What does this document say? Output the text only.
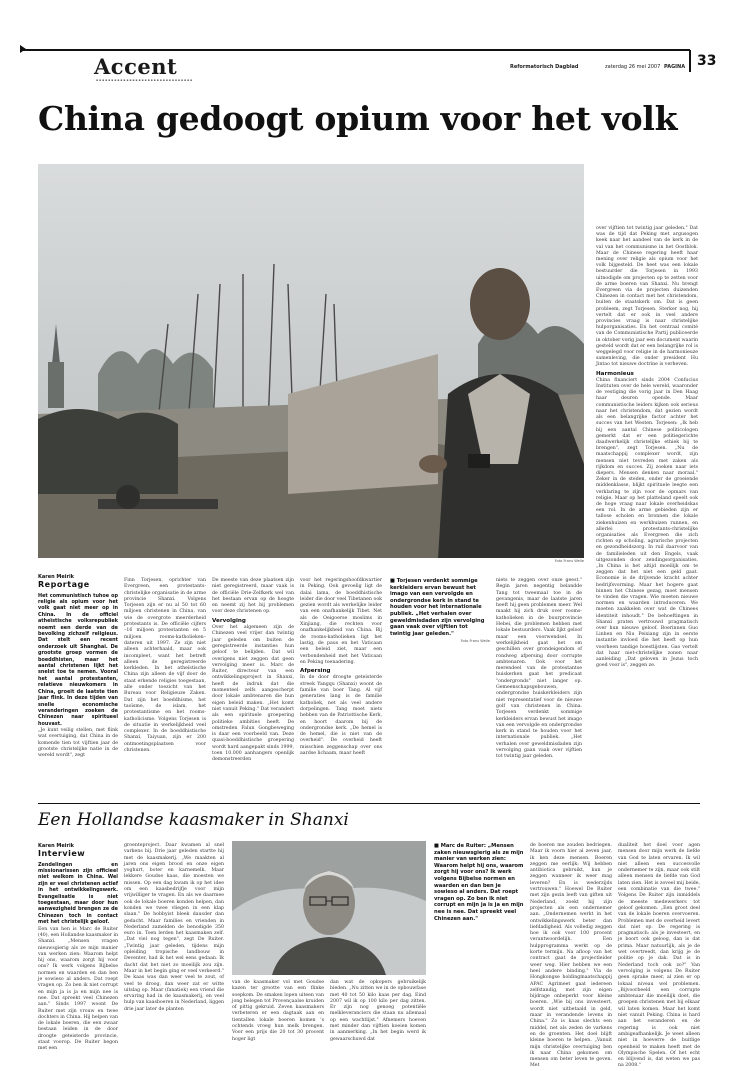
Accent
▪▪▪▪▪▪▪▪▪▪▪▪▪▪▪▪▪▪▪▪▪▪▪▪▪▪▪▪▪▪▪▪
Reformatorisch Dagblad	zaterdag 26 mei 2007 PAGINA 33
China gedoogt opium voor het volk
Foto Frans Welle
Karen Meirik
Reportage

Het communistisch tuhoe op religie als opium voor het volk gaat niet meer op in China. In de officiel atheïstische volksrepubliek noemt een derde van de bevolking zichzelf religieus. Dat stelt een recent onderzoek uit Shanghai. De grootste groep vormen de boeddhisten, maar het aantal christenen lijkt het snelst toe te nemen. Vooral het aantal protestanten, relatieve nieuwkomers in China, groeit de laatste tien jaar flink. In deze tijden van snelle economische veranderingen zoeken de Chinezen naar spiritueel houvast.

„Je kunt veilig stellen, met flink wat overtuiging, dat China in de komende tien tot vijftien jaar de grootste christelijke natie in de wereld wordt", zegt

Finn Torjesen, oprichter van Evergreen, een protestants-christelijke organisatie in de arme provincie Shanxi. Volgens Torjesen zijn er nu al 50 tot 60 miljoen christenen in China, van wie de overgrote meerderheid protestants is. De officiële cijfers –16 miljoen protestanten en 5 miljoen rooms-katholieken– dateren uit 1997. Ze zijn niet alleen achterhaald, maar ook incompleet, want het betreft alleen de geregistreerde kerkleden. In het atheïstische China zijn alleen de vijf door de staat erkende religies toegestaan, alle onder toezicht van het Bureau voor Religieuze Zaken. Dat zijn het boeddhisme, het taoïsme, de islam, het protestantisme en het rooms-katholicisme. Volgens Torjesen is de situatie in werkelijkheid veel complexer. In de boeddhistische Shanxi, Taiyuan, zijn er 200 ontmoetingsplaatsen voor christenen.

De meeste van deze plaatsen zijn niet geregistreerd, maar vaak is de officiële Drie-Zelfkerk wel van het bestaan ervan op de hoogte en neemt zij het bij problemen voor deze christenen op.

Vervolging

Over het algemeen zijn de Chinezen veel vrijer dan twintig jaar geleden om buiten de geregistreerde instanties hun geloof te belijden. Dat wil overigens niet zeggen dat geen vervolging meer is. Marc de Ruiter, directeur van een ontwikkelingsproject in Shanxi, heeft de indruk dat die momenteel zelfs aangescherpt door lokale ambtenaren die hun eigen beleid maken. „Het komt niet vanuit Peking." Dat verandert als een spirituele groepering politieke ambities heeft. De omstreden Falun Gongbeweging is daar een voorbeeld van. Deze quasi-boeddhistische groepering wordt hard aangepakt sinds 1999, toen 10.000 aanhangers openlijk demonstreerden

voor het regeringshoofdkwartier in Peking. Ook gevoelig ligt de dalai lama, de boeddhistische leider die door veel Tibetanen ook gezien wordt als werkelijke leider van een onafhankelijk Tibet. Net als de Oeigoerse moslims in Xinjiang, die rechten voor onafhankelijkheid van China. Bij de rooms-katholieken ligt het lastig, de paus en het Vaticaan een beleid ziet, maar een verbondenheid met het Vaticaan en Peking toenadering.

Afpersing

In de door droogte geteisterde streek Yangqu (Shanxi) woont de familie van boer Tang. Al vijf generaties lang is de familie katholiek, net als veel andere dorpelingen. Tang moet niets hebben van de Patriottische Kerk, en hoort daarom bij de ondergrondse kerk. „De hemel is de hemel, die is niet van de overheid". De overheid heeft misschien zeggenschap over ons aardse lichaam, maar heeft

■ Torjesen verdenkt sommige kerkleiders ervan bewust het imago van een vervolgde en ondergrondse kerk in stand te houden voor het internationale publiek. „Het verhalen over geweldmisdaden zijn vervolging gaan vaak over vijftien tot twintig jaar geleden."

Foto Frans Welle

niets te zeggen over onze geest." Begin jaren negentig belandde Tang tot tweemaal toe in de gevangenis, maar de laatste jaren heeft hij geen problemen meer. Wel maakt hij zich druk over rooms-katholieken in de buurprovincie Hebei, die problemen hebben met lokale bestuurders. Vaak lijkt geloof maar een voorwendsel. In werkelijkheid gaat het om geschillen over grondeigendom of rondweg afpersing door corrupte ambtenaren. Ook voor het merendeel van de protestantse huiskerken gaat het predicaat "ondergronds" niet langer op. Gemeenschapsgebouwen, ondergrondse huiskerkleiders zijn niet representatief voor de nieuwe golf van christenen in China. Torjesen verdenkt sommige kerkleiders ervan bewust het imago van een vervolgde en ondergrondse kerk in stand te houden voor het internationale publiek. „Het verhalen over geweldmisdaden zijn vervolging gaan vaak over vijftien tot twintig jaar geleden.

over vijftien tot twintig jaar geleden." Dat was de tijd dat Peking met argusogen keek naar het aandeel van de kerk in de val van het communisme in het Oostblok. Maar de Chinese regering heeft haar mening over religie als opium voor het volk bijgesteld. De heet was een lokale bestuurder die Torjesen in 1993 uitnodigde om projecten op te zetten voor de arme boeren van Shanxi. Nu brengt Evergreen via de projecten duizenden Chinezen in contact met het christendom, buiten de staatskerk om. Dat is geen probleem, zegt Torjesen. Sterker nog, hij vertelt dat er ook in veel andere provincies vraag is naar christelijke hulporganisaties. En het centraal comité van de Communistische Partij publiceerde in oktober vorig jaar een document waarin gesteld wordt dat er een belangrijke rol is weggelegd voor religie in de harmonieuze samenleving, die onder president Hu Jintao tot nieuwe doctrine is verheven.

Harmonieus

China financiert sinds 2004 Confucius Instituten over de hele wereld, waaronder de vestiging die vorig jaar in Den Haag haar deuren opende. Maar communistische leiders kijken ook serieus naar het christendom, dat gezien wordt als een belangrijke factor achter het succes van het Westen. Torjesen: „Ik heb bij een aantal Chinese politicologen gemerkt dat er een politiegerichte daadwerkelijk christelijke ethiek bij te brengen", zegt Torjesen. „Nu de maatschappij complexer wordt, zijn mensen niet tevreden met zaken als rijkdom en succes. Zij zoeken naar iets diepers. Mensen denken naar moraal." Zeker in de steden, onder de groeiende middenklasse, blijkt spirituele leegte een verklaring te zijn voor de opmars van religie. Maar op het platteland speelt ook de hoge vraag naar lokale overheidskas een rol. In de arme gebieden zijn er tallose scholen en bronnen die lokale ziekenhuizen en werkbuizen runnen, en allerlei protestants-christelijke organisaties als Evergreen die zich richten op scholing, agrarische projecten en gezondheidszorg. In ruil daarvoor van de familieleden uit den Engels, vaak uitgezonden door zendingsorganisaties. „In China is het altijd moeilijk om te zeggen dat het niet een geld gaat. Economie is de drijvende kracht achter bedrijfsvorming. Maar het hogere gaat binnen het Chinese gezag, moet mensen te vinden die vragen. Wie moeten nieuwe normen en waarden introduceren. We moeten zaakkelen over wat de Chinees identiteit inhoudt." De behoeftingen in Shanxi praten vertrouwd pragmatisch over hun nieuwe geloof. Boerinnen Guo Linhen en Niu Peixiang zijn in eerste instantie invloed die het heeft op hun voorheen tandige hoestlijsten. Gao vertelt dat haar niet-christelijke zonen naar aanleiding „Dat geloven in Jezus toch goed voor is", zeggen ze.

Een Hollandse kaasmaker in Shanxi
Karen Meirik
Interview

Zendelingen en missionarissen zijn officieel niet welkom in China. Wel zijn er veel christenen actief in het ontwikkelingswerk. Evangelisatie is niet toegestaan, maar door hun aanwezigheid brengen ze de Chinezen toch in contact met het christelijk geloof.

Een van hen is Marc de Ruiter (40), een Hollandse kaasmaker in Shanxi. „Mensen vragen nieuwsgierig als ze mijn manier van werken zien: Waarom helpt hij ons, waarom zorgt hij voor ons? Ik werk volgens Bijbelse normen en waarden en dan ben je sowieso al anders. Dat roept vragen op. Zo ben ik niet corrupt en mijn ja is ja en mijn nee is nee. Dat spreekt veel Chinezen aan." Sinds 1997 woont De Ruiter met zijn vrouw en twee dochters in China. Hij helpen van de lokale boeren, die een zwaar bestaan leiden in de door droogte geteisterde provincie, staat voorop. De Ruiter begon met een

groenteproject. Daar kwamen al snel varkens bij. Drie jaar geleden startte hij met de kaasmakerij. „We maakten al jaren ons eigen brood en onze eigen yoghurt, boter en karnemelk. Maar lekkere Goudse kaas, die moesten we missen. Op een dag kwam ik op het idee om een kaasbedrijfje voor mijn vrijwilliger te vragen. En als we daarmee ook de lokale boeren konden helpen, dan konden we twee vliegen in een klap slaan." De hobbyist bleek dausder dan gedacht. Maar families en vrienden in Nederland zamelden de benodigde 350 euro in. Toen lerden het kaasmaken zelf. „Dat viel nog tegen", zegt De Ruiter. „Twintig jaar geleden, tijdens mijn opleiding tropische landbouw in Deventer, had ik het wel eens gedaan. Ik dacht dat het niet zo moeilijk zou zijn. Maar in het begin ging er veel verkeerd." De kaas was dan weer veel te zout, of veel te droog, dan weer zat er witte uitslag op. Maar (fanatiek) een vriend die ervaring had in de kaasmakerij, en veel hulp van kaasboeren in Nederland, liggen drie jaar later de planten

van de kaasmaker vol met Goudse kazen ter grootte van een flinke soepkom. De smaken lopen uiteen van jong belegen tot Provençaalse kruiden of pittig gekruid. Zeven kaasmakers verbeteren er een dagtaak aan en tientallen lokale boeren komen 's ochtends vroeg hun melk brengen. Voor een prijs die 20 tot 30 procent hoger ligt

dan wat de opkopers gebruikelijk bieden. „Nu zitten we in de opbouwfase met 40 tot 50 kilo kaas per dag. Eind 2007 wil ik op 100 kilo per dag zitten. Er zijn nog genoeg potentiële melkleveranciers die staan nu allemaal op een wachtlijst." Afnemers hoeven met minder dan vijftien koeien komen in aanmerking. „In het begin werd ik gewaarschuwd dat

■ Marc de Ruiter: „Mensen zaken nieuwsgierig als ze mijn manier van werken zien: Waarom helpt hij ons, waarom zorgt hij voor ons? Ik werk volgens Bijbelse normen en waarden en dan ben je sowieso al anders. Dat roept vragen op. Zo ben ik niet corrupt en mijn ja is ja en mijn nee is nee. Dat spreekt veel Chinezen aan."

de boeren me zouden bedriegen. Maar ik voorn hier al zeven jaar, ik ken deze mensen. Boeren zeggen me eerlijk: Wij hebben antibiotica gebruikt, kun je zeggen wanneer ik weer mag leveren? En is wederzijds vertrouwen." Hoewel De Ruiter met zijn gezin leeft van giften uit Nederland, zoekt hij zijn projecten als een ondernemer aan. „Ondernemen werkt in het ontwikkelingswerk beter dan liefdadigheid. Als volledig zeggen hoe ik ook voor 100 procent verantwoordelijk. Een hulpprogramma werkt op de korte termijn. Na afloop van het contract gaat de projectleider weer weg. Hier hebben we een heel andere binding." Via de Hongkongse holdingmaatschappij APAC Agrimeet gaat iedereen zelfstandig, met zijn eigen bijdrage onbeperkt voor kleine boeren. „Wie bij ons investeert, wordt niet uitbetaald in geld, maar in verandende levens in China." Zo is kaas slechts een middel, net als zeden de varkens en de groenten. Het doel blijft kleine boeren te helpen. „Vanuit mijn christelijke overtuiging ben ik naar China gekomen om mensen om beter leven te geven. Met

dualiteit het doel voor agen mensen door mijn werk de liefde van God te laten ervaren. Ik wil niet alleen een succesvolle ondernemer te zijn, maar ook stilt alleen mensen de liefde van God laten zien. Het is zoveel mij beide, een combinatie van die twee." Volgens De Ruiter zijn inmiddels de meeste medewerkers tot geloof gekomen. „Een groot deel van de lokale boeren overvoeren. Problemen met de overheid levert dat niet op. De regering is pragmatisch: als je investeert, en je boort ook geloog, dan is dat prima. Maar natuurlijk, als je de wet overtreedt, dan krijg je de politie op je dak. Dat is in Nederland toch ook zo?" Van vervolging is volgens De Ruiter geen sprake meer, al zien er op lokaal niveau wel problemen. „Bijvoorbeeld een corrupte ambtenaar die moeilijk doet, die groepen christenen met bij elkaar wil laten komen. Maar het komt niet vanuit Peking. China is hard aan het veranderen en de regering is ook niet ambigeafhankelijk. Je weet alleen niet in hoeverre de buitlige openheid te maken heeft met de Olympische Spelen. Of het echt en blijvend is, dat weten we pas na 2008."
